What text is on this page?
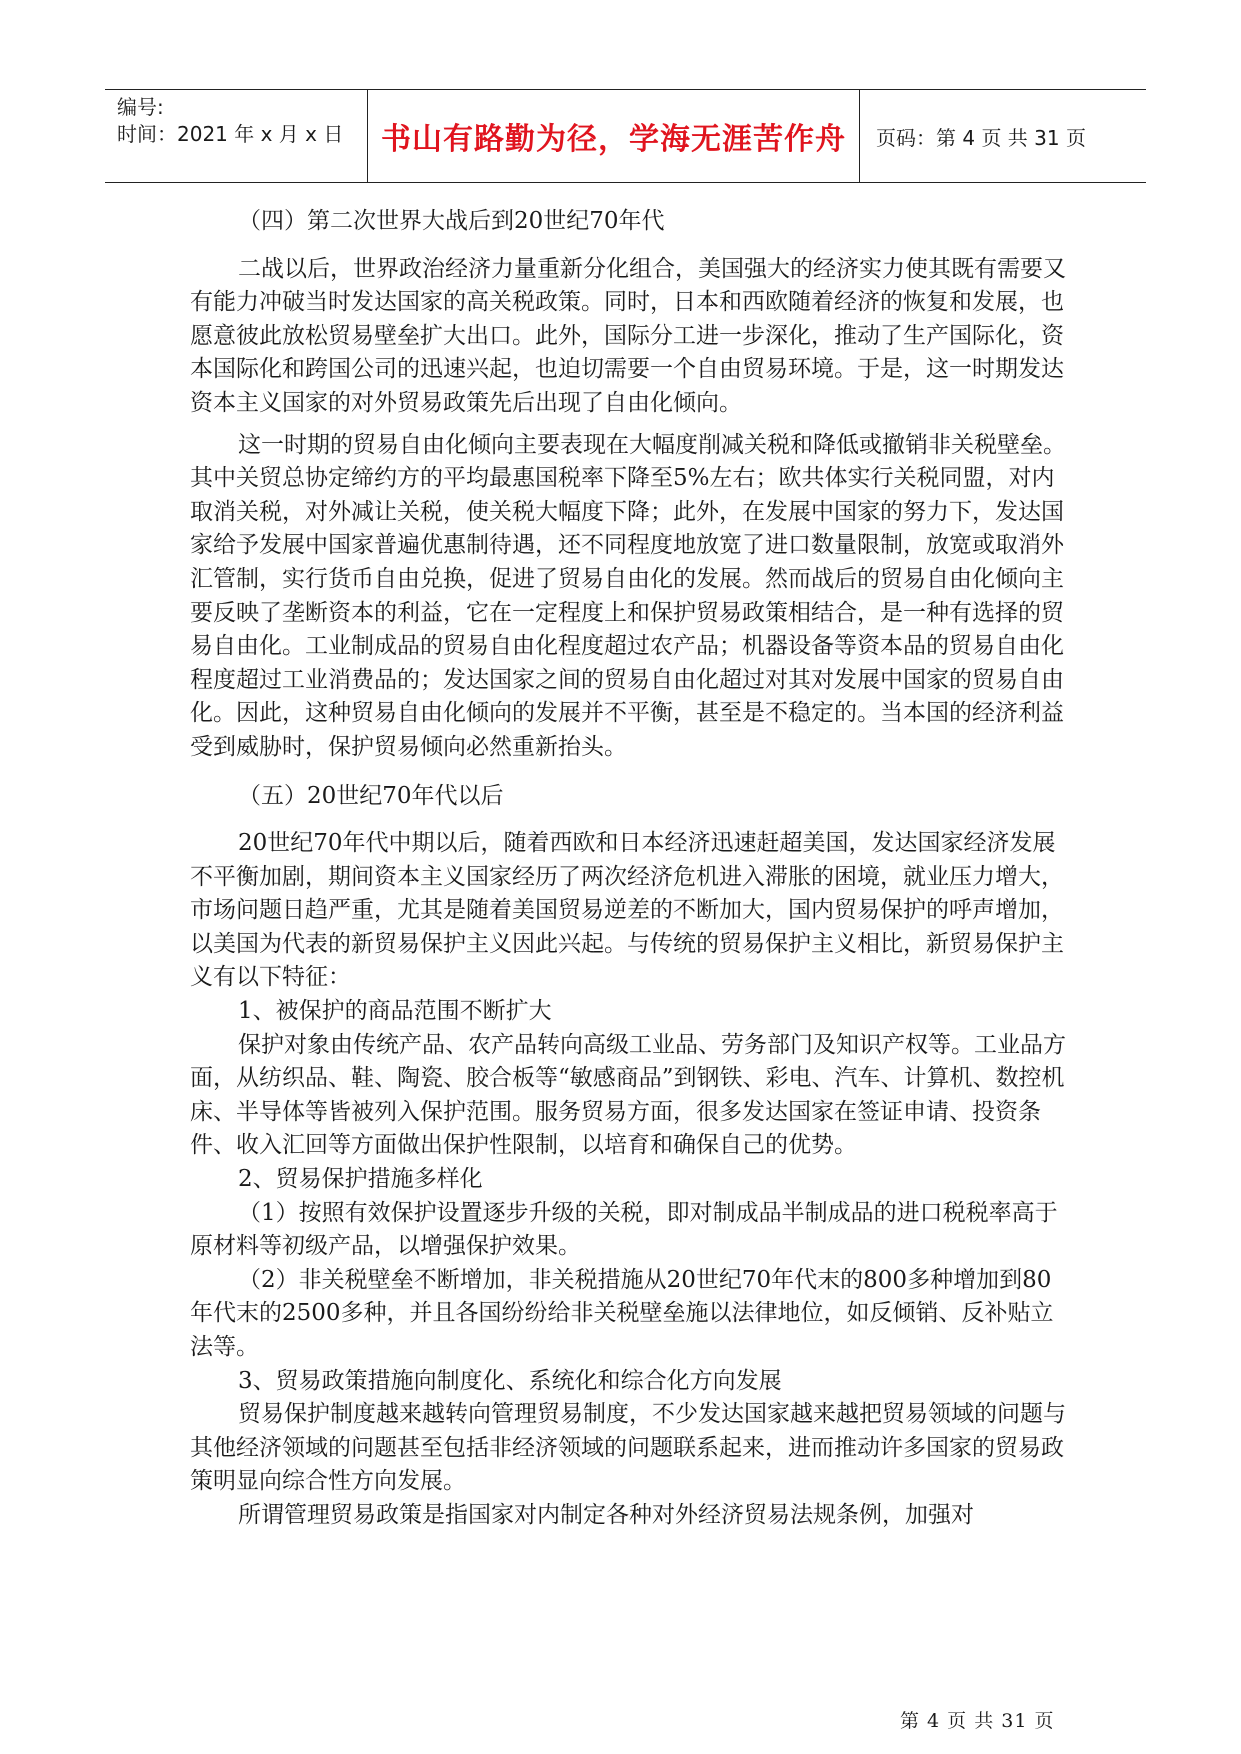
编号:
时间：2021 年 x 月 x 日	书山有路勤为径，学海无涯苦作舟	页码：第 4 页 共 31 页

（四）第二次世界大战后到20世纪70年代

二战以后，世界政治经济力量重新分化组合，美国强大的经济实力使其既有需要又有能力冲破当时发达国家的高关税政策。同时，日本和西欧随着经济的恢复和发展，也愿意彼此放松贸易壁垒扩大出口。此外，国际分工进一步深化，推动了生产国际化，资本国际化和跨国公司的迅速兴起，也迫切需要一个自由贸易环境。于是，这一时期发达资本主义国家的对外贸易政策先后出现了自由化倾向。

这一时期的贸易自由化倾向主要表现在大幅度削减关税和降低或撤销非关税壁垒。其中关贸总协定缔约方的平均最惠国税率下降至5%左右；欧共体实行关税同盟，对内取消关税，对外减让关税，使关税大幅度下降；此外，在发展中国家的努力下，发达国家给予发展中国家普遍优惠制待遇，还不同程度地放宽了进口数量限制，放宽或取消外汇管制，实行货币自由兑换，促进了贸易自由化的发展。然而战后的贸易自由化倾向主要反映了垄断资本的利益，它在一定程度上和保护贸易政策相结合，是一种有选择的贸易自由化。工业制成品的贸易自由化程度超过农产品；机器设备等资本品的贸易自由化程度超过工业消费品的；发达国家之间的贸易自由化超过对其对发展中国家的贸易自由化。因此，这种贸易自由化倾向的发展并不平衡，甚至是不稳定的。当本国的经济利益受到威胁时，保护贸易倾向必然重新抬头。

（五）20世纪70年代以后

20世纪70年代中期以后，随着西欧和日本经济迅速赶超美国，发达国家经济发展不平衡加剧，期间资本主义国家经历了两次经济危机进入滞胀的困境，就业压力增大，市场问题日趋严重，尤其是随着美国贸易逆差的不断加大，国内贸易保护的呼声增加，以美国为代表的新贸易保护主义因此兴起。与传统的贸易保护主义相比，新贸易保护主义有以下特征：

1、被保护的商品范围不断扩大

保护对象由传统产品、农产品转向高级工业品、劳务部门及知识产权等。工业品方面，从纺织品、鞋、陶瓷、胶合板等“敏感商品”到钢铁、彩电、汽车、计算机、数控机床、半导体等皆被列入保护范围。服务贸易方面，很多发达国家在签证申请、投资条件、收入汇回等方面做出保护性限制，以培育和确保自己的优势。

2、贸易保护措施多样化

（1）按照有效保护设置逐步升级的关税，即对制成品半制成品的进口税税率高于原材料等初级产品，以增强保护效果。

（2）非关税壁垒不断增加，非关税措施从20世纪70年代末的800多种增加到80年代末的2500多种，并且各国纷纷给非关税壁垒施以法律地位，如反倾销、反补贴立法等。

3、贸易政策措施向制度化、系统化和综合化方向发展

贸易保护制度越来越转向管理贸易制度，不少发达国家越来越把贸易领域的问题与其他经济领域的问题甚至包括非经济领域的问题联系起来，进而推动许多国家的贸易政策明显向综合性方向发展。

所谓管理贸易政策是指国家对内制定各种对外经济贸易法规条例，加强对

第 4 页 共 31 页
